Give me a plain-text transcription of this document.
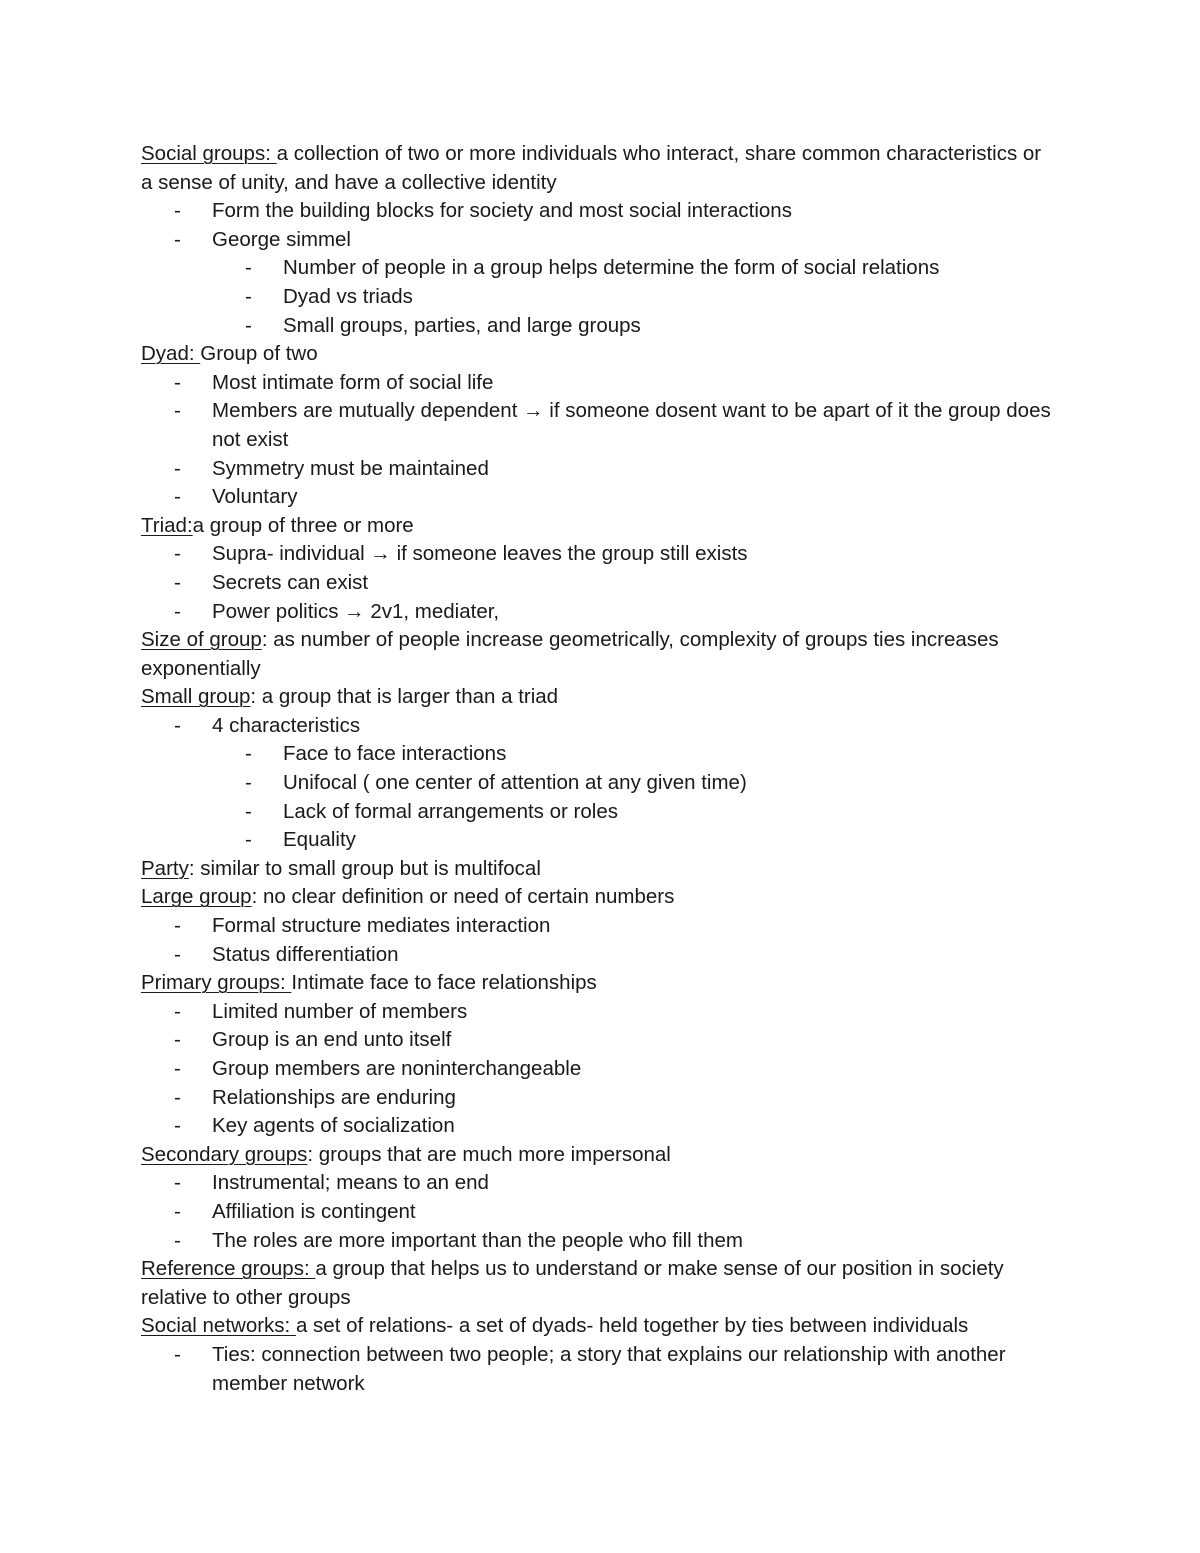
Social groups: a collection of two or more individuals who interact, share common characteristics or a sense of unity, and have a collective identity

- Form the building blocks for society and most social interactions
- George simmel
- Number of people in a group helps determine the form of social relations
- Dyad vs triads
- Small groups, parties, and large groups

Dyad: Group of two

- Most intimate form of social life
- Members are mutually dependent → if someone dosent want to be apart of it the group does not exist
- Symmetry must be maintained
- Voluntary

Triad:a group of three or more

- Supra- individual → if someone leaves the group still exists
- Secrets can exist
- Power politics → 2v1, mediater,

Size of group: as number of people increase geometrically, complexity of groups ties increases exponentially

Small group: a group that is larger than a triad

- 4 characteristics
- Face to face interactions
- Unifocal ( one center of attention at any given time)
- Lack of formal arrangements or roles
- Equality

Party: similar to small group but is multifocal

Large group: no clear definition or need of certain numbers

- Formal structure mediates interaction
- Status differentiation

Primary groups: Intimate face to face relationships

- Limited number of members
- Group is an end unto itself
- Group members are noninterchangeable
- Relationships are enduring
- Key agents of socialization

Secondary groups: groups that are much more impersonal

- Instrumental; means to an end
- Affiliation is contingent
- The roles are more important than the people who fill them

Reference groups: a group that helps us to understand or make sense of our position in society relative to other groups

Social networks: a set of relations- a set of dyads- held together by ties between individuals

- Ties: connection between two people; a story that explains our relationship with another member network
